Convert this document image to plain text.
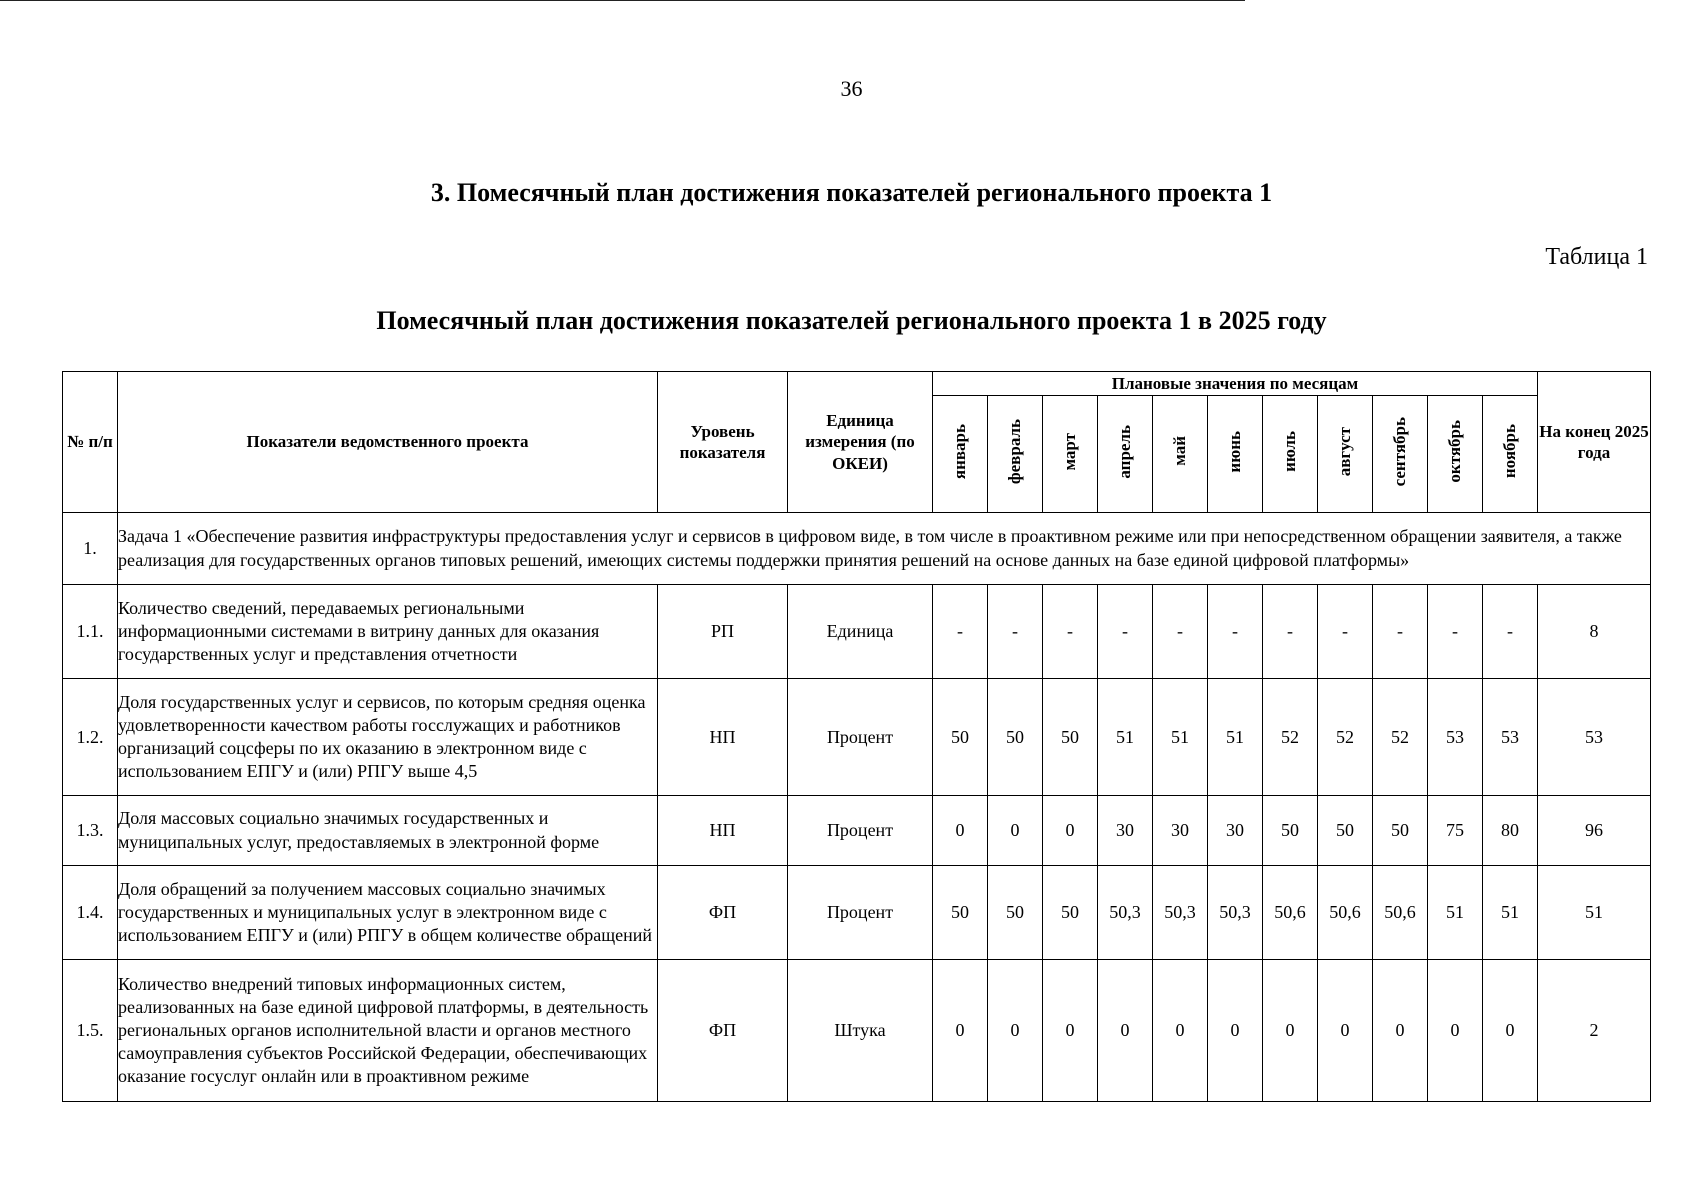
36
3. Помесячный план достижения показателей регионального проекта 1
Таблица 1
Помесячный план достижения показателей регионального проекта 1 в 2025 году
№ п/п	Показатели ведомственного проекта	Уровень показателя	Единица измерения (по ОКЕИ)	Плановые значения по месяцам											На конец 2025 года
				январь	февраль	март	апрель	май	июнь	июль	август	сентябрь	октябрь	ноябрь	
1.	Задача 1 «Обеспечение развития инфраструктуры предоставления услуг и сервисов в цифровом виде, в том числе в проактивном режиме или при непосредственном обращении заявителя, а также реализация для государственных органов типовых решений, имеющих системы поддержки принятия решений на основе данных на базе единой цифровой платформы»														
1.1.	Количество сведений, передаваемых региональными информационными системами в витрину данных для оказания государственных услуг и представления отчетности	РП	Единица	-	-	-	-	-	-	-	-	-	-	-	8
1.2.	Доля государственных услуг и сервисов, по которым средняя оценка удовлетворенности качеством работы госслужащих и работников организаций соцсферы по их оказанию в электронном виде с использованием ЕПГУ и (или) РПГУ выше 4,5	НП	Процент	50	50	50	51	51	51	52	52	52	53	53	53
1.3.	Доля массовых социально значимых государственных и муниципальных услуг, предоставляемых в электронной форме	НП	Процент	0	0	0	30	30	30	50	50	50	75	80	96
1.4.	Доля обращений за получением массовых социально значимых государственных и муниципальных услуг в электронном виде с использованием ЕПГУ и (или) РПГУ в общем количестве обращений	ФП	Процент	50	50	50	50,3	50,3	50,3	50,6	50,6	50,6	51	51	51
1.5.	Количество внедрений типовых информационных систем, реализованных на базе единой цифровой платформы, в деятельность региональных органов исполнительной власти и органов местного самоуправления субъектов Российской Федерации, обеспечивающих оказание госуслуг онлайн или в проактивном режиме	ФП	Штука	0	0	0	0	0	0	0	0	0	0	0	2
